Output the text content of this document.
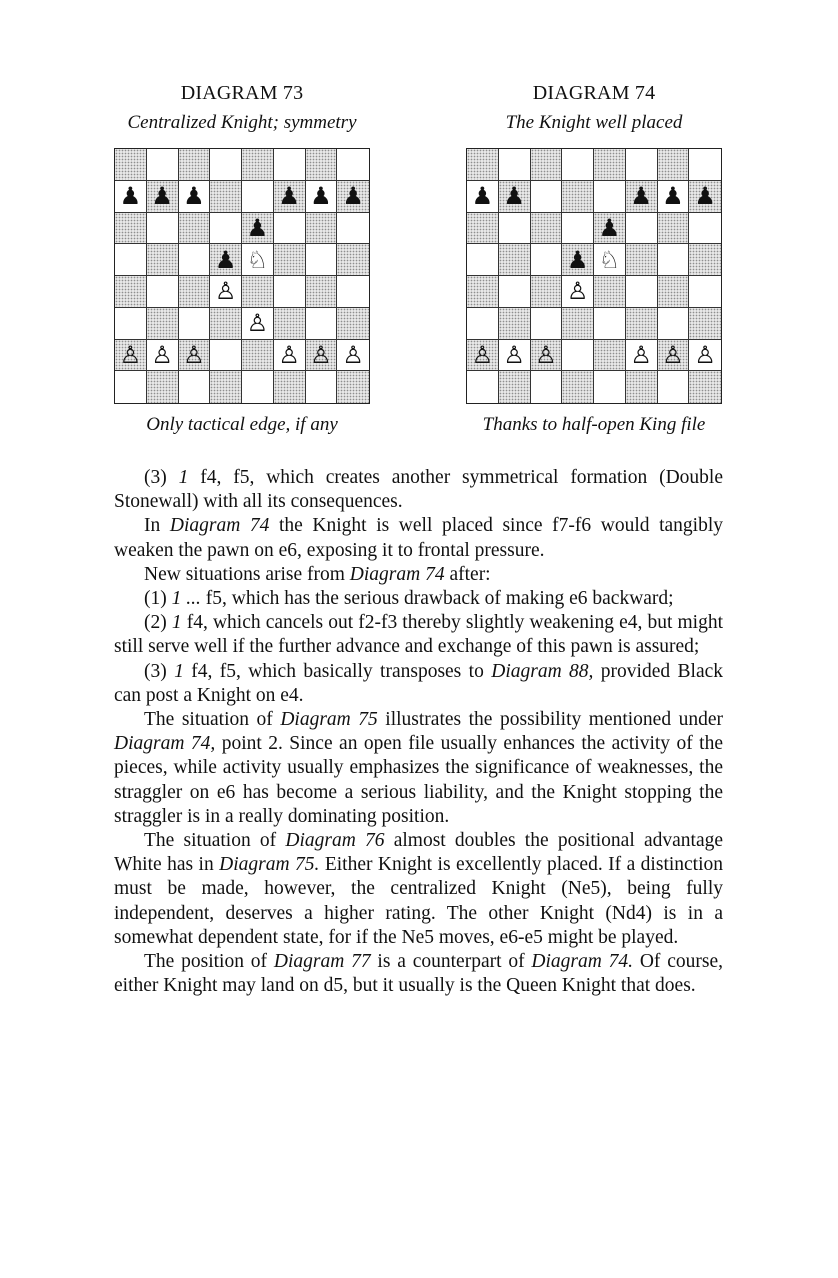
DIAGRAM 73
Centralized Knight; symmetry
♟ ♟ ♟	♟ ♟ ♟
♟
♟ ♘
♙
♙
♙ ♙ ♙	♙ ♙ ♙
Only tactical edge, if any
DIAGRAM 74
The Knight well placed
♟ ♟	♟ ♟ ♟
♟
♟ ♘
♙
♙ ♙ ♙	♙ ♙ ♙
Thanks to half-open King file

(3) 1 f4, f5, which creates another symmetrical formation (Double Stonewall) with all its consequences.

In Diagram 74 the Knight is well placed since f7-f6 would tangibly weaken the pawn on e6, exposing it to frontal pressure.

New situations arise from Diagram 74 after:

(1) 1 ... f5, which has the serious drawback of making e6 backward;

(2) 1 f4, which cancels out f2-f3 thereby slightly weakening e4, but might still serve well if the further advance and exchange of this pawn is assured;

(3) 1 f4, f5, which basically transposes to Diagram 88, provided Black can post a Knight on e4.

The situation of Diagram 75 illustrates the possibility mentioned under Diagram 74, point 2. Since an open file usually enhances the activity of the pieces, while activity usually emphasizes the significance of weaknesses, the straggler on e6 has become a serious liability, and the Knight stopping the straggler is in a really dominating position.

The situation of Diagram 76 almost doubles the positional advantage White has in Diagram 75. Either Knight is excellently placed. If a distinction must be made, however, the centralized Knight (Ne5), being fully independent, deserves a higher rating. The other Knight (Nd4) is in a somewhat dependent state, for if the Ne5 moves, e6-e5 might be played.

The position of Diagram 77 is a counterpart of Diagram 74. Of course, either Knight may land on d5, but it usually is the Queen Knight that does.
